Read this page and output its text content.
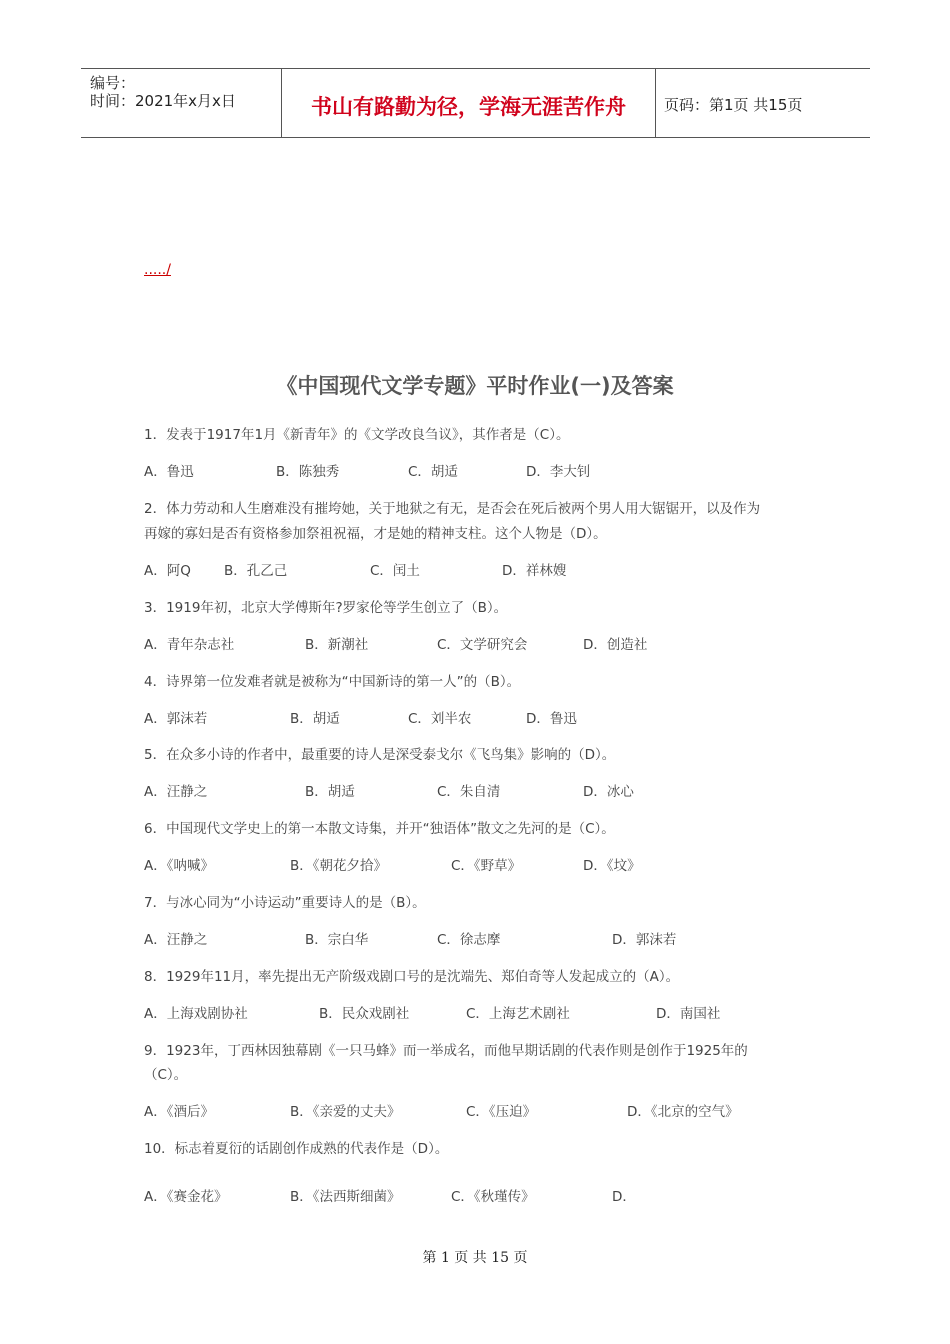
编号：
时间：2021年x月x日	书山有路勤为径，学海无涯苦作舟	页码：第1页 共15页
...../
《中国现代文学专题》平时作业(一)及答案
1．发表于1917年1月《新青年》的《文学改良刍议》，其作者是（C）。
A．鲁迅	B．陈独秀	C．胡适	D．李大钊
2．体力劳动和人生磨难没有摧垮她，关于地狱之有无，是否会在死后被两个男人用大锯锯开，以及作为
再嫁的寡妇是否有资格参加祭祖祝福，才是她的精神支柱。这个人物是（D）。
A．阿Q B．孔乙己	C．闰土	D．祥林嫂
3．1919年初，北京大学傅斯年?罗家伦等学生创立了（B）。
A．青年杂志社	B．新潮社	C．文学研究会	D．创造社
4．诗界第一位发难者就是被称为“中国新诗的第一人”的（B）。
A．郭沫若	B．胡适	C．刘半农	D．鲁迅
5．在众多小诗的作者中，最重要的诗人是深受泰戈尔《飞鸟集》影响的（D）。
A．汪静之	B．胡适	C．朱自清	D．冰心
6．中国现代文学史上的第一本散文诗集，并开“独语体”散文之先河的是（C）。
A．《呐喊》	B．《朝花夕拾》	C．《野草》	D．《坟》
7．与冰心同为“小诗运动”重要诗人的是（B）。
A．汪静之	B．宗白华	C．徐志摩	D．郭沫若
8．1929年11月，率先提出无产阶级戏剧口号的是沈端先、郑伯奇等人发起成立的（A）。
A．上海戏剧协社	B．民众戏剧社	C．上海艺术剧社	D．南国社
9．1923年，丁西林因独幕剧《一只马蜂》而一举成名，而他早期话剧的代表作则是创作于1925年的
（C）。
A．《酒后》	B．《亲爱的丈夫》	C．《压迫》	D．《北京的空气》
10．标志着夏衍的话剧创作成熟的代表作是（D）。
A．《赛金花》	B．《法西斯细菌》	C．《秋瑾传》	D．
第 1 页 共 15 页
